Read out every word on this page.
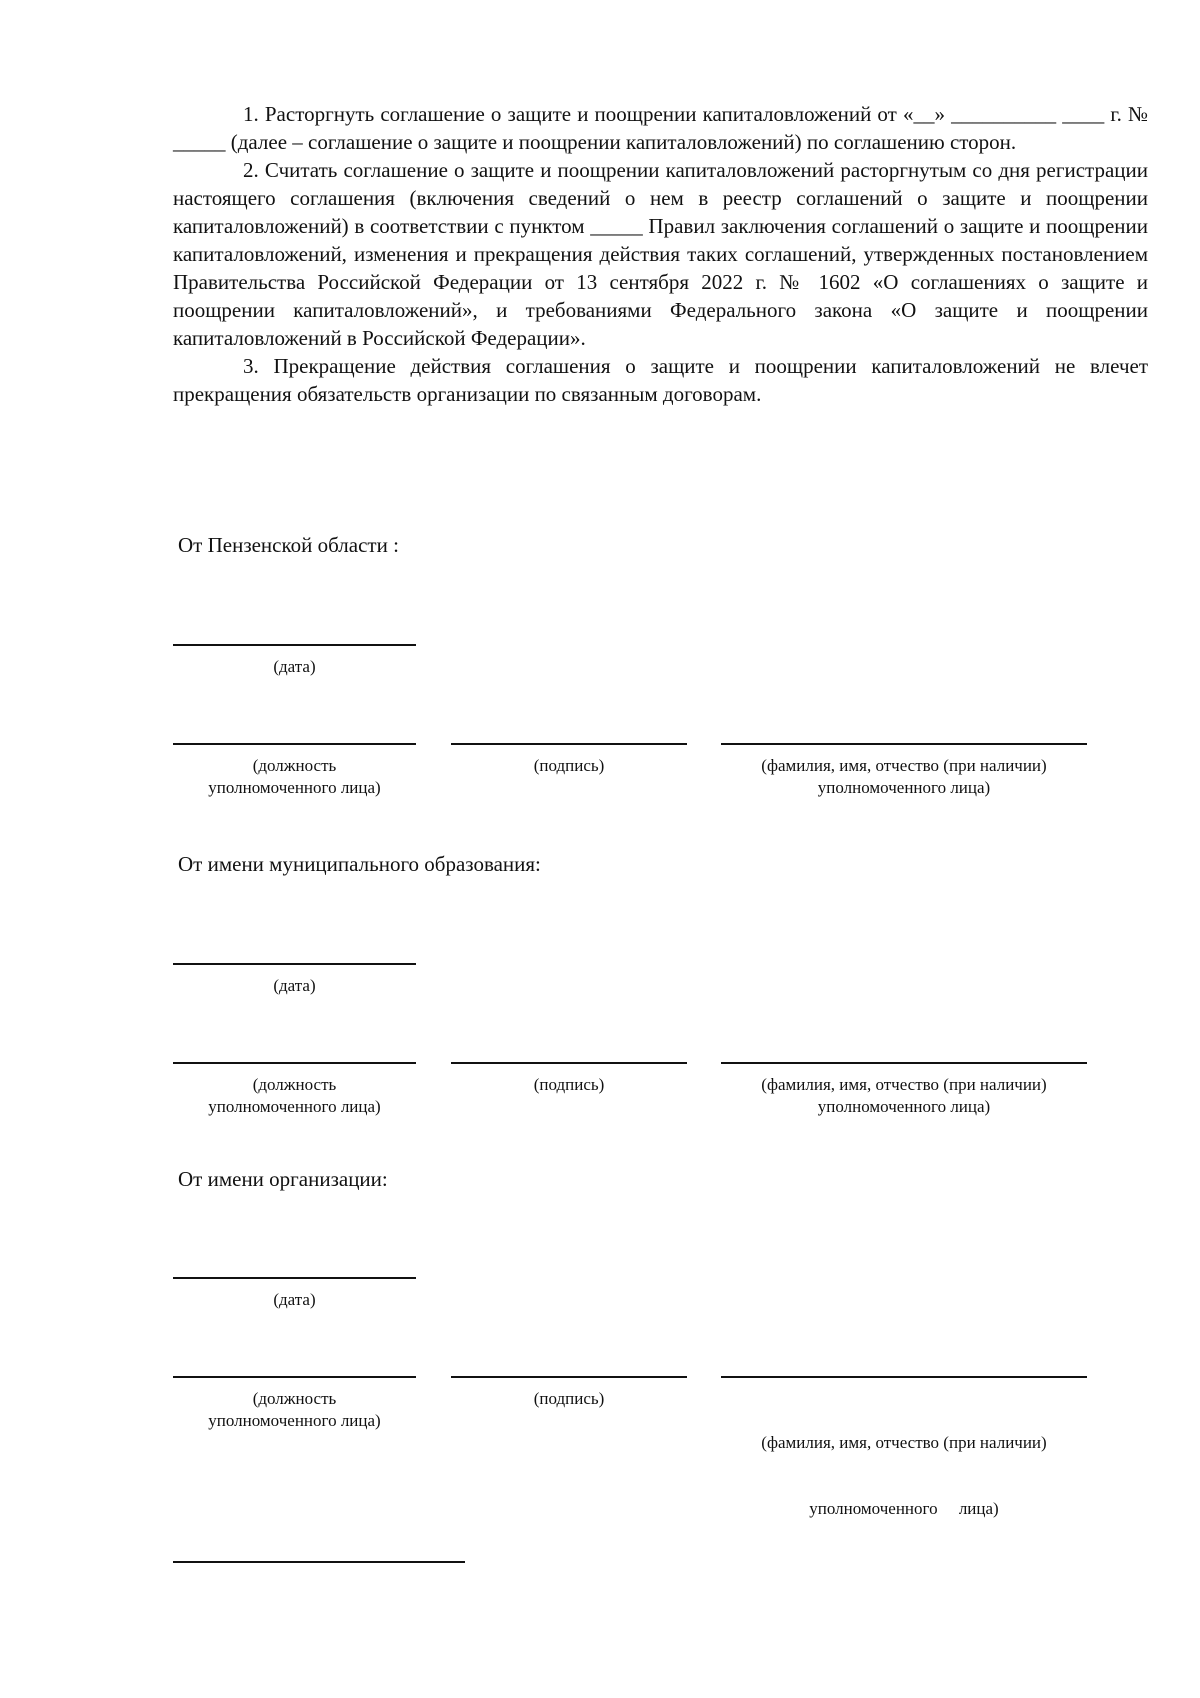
1. Расторгнуть соглашение о защите и поощрении капиталовложений от «__» __________ ____ г. № _____ (далее – соглашение о защите и поощрении капиталовложений) по соглашению сторон.

2. Считать соглашение о защите и поощрении капиталовложений расторгнутым со дня регистрации настоящего соглашения (включения сведений о нем в реестр соглашений о защите и поощрении капиталовложений) в соответствии с пунктом _____ Правил заключения соглашений о защите и поощрении капиталовложений, изменения и прекращения действия таких соглашений, утвержденных постановлением Правительства Российской Федерации от 13 сентября 2022 г. № 1602 «О соглашениях о защите и поощрении капиталовложений», и требованиями Федерального закона «О защите и поощрении капиталовложений в Российской Федерации».

3. Прекращение действия соглашения о защите и поощрении капиталовложений не влечет прекращения обязательств организации по связанным договорам.

От Пензенской области :
(дата)
(должность
уполномоченного лица)
(подпись)	(фамилия, имя, отчество (при наличии)
уполномоченного лица)
От имени муниципального образования:
(дата)
(должность
уполномоченного лица)
(подпись)	(фамилия, имя, отчество (при наличии)
уполномоченного лица)
От имени организации:
(дата)
(должность
уполномоченного лица)
(подпись)

(фамилия, имя, отчество (при наличии)

уполномоченного     лица)
